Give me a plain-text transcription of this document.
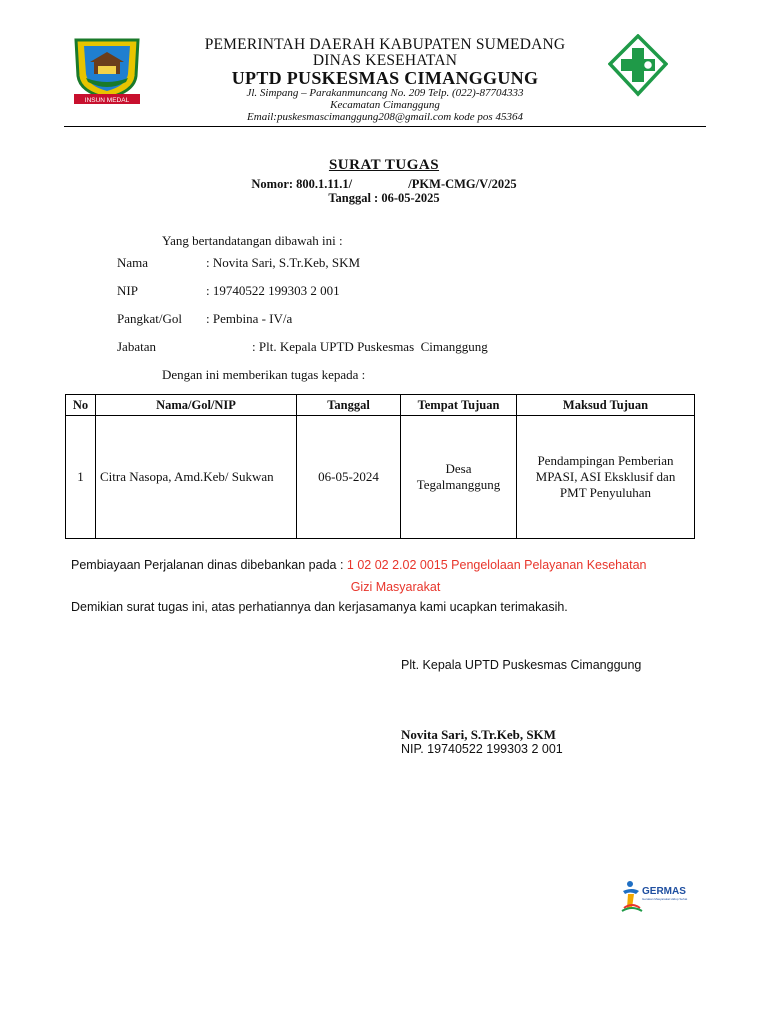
INSUN MEDAL
PEMERINTAH DAERAH KABUPATEN SUMEDANG
DINAS KESEHATAN
UPTD PUSKESMAS CIMANGGUNG
Jl. Simpang – Parakanmuncang No. 209 Telp. (022)-87704333
Kecamatan Cimanggung
Email:puskesmascimanggung208@gmail.com kode pos 45364
SURAT TUGAS
Nomor: 800.1.11.1/                  /PKM-CMG/V/2025
Tanggal : 06-05-2025
Yang bertandatangan dibawah ini :
Nama	: Novita Sari, S.Tr.Keb, SKM
NIP	: 19740522 199303 2 001
Pangkat/Gol : Pembina - IV/a
Jabatan	: Plt. Kepala UPTD Puskesmas  Cimanggung
Dengan ini memberikan tugas kepada :
No	Nama/Gol/NIP	Tanggal	Tempat Tujuan	Maksud Tujuan
1	Citra Nasopa, Amd.Keb/ Sukwan	06-05-2024	Desa Tegalmanggung	Pendampingan Pemberian MPASI, ASI Eksklusif dan PMT Penyuluhan
Pembiayaan Perjalanan dinas dibebankan pada : 1 02 02 2.02 0015 Pengelolaan Pelayanan Kesehatan
Gizi Masyarakat
Demikian surat tugas ini, atas perhatiannya dan kerjasamanya kami ucapkan terimakasih.
Plt. Kepala UPTD Puskesmas Cimanggung
Novita Sari, S.Tr.Keb, SKM
NIP. 19740522 199303 2 001
GERMAS
Gerakan Masyarakat Hidup Sehat
